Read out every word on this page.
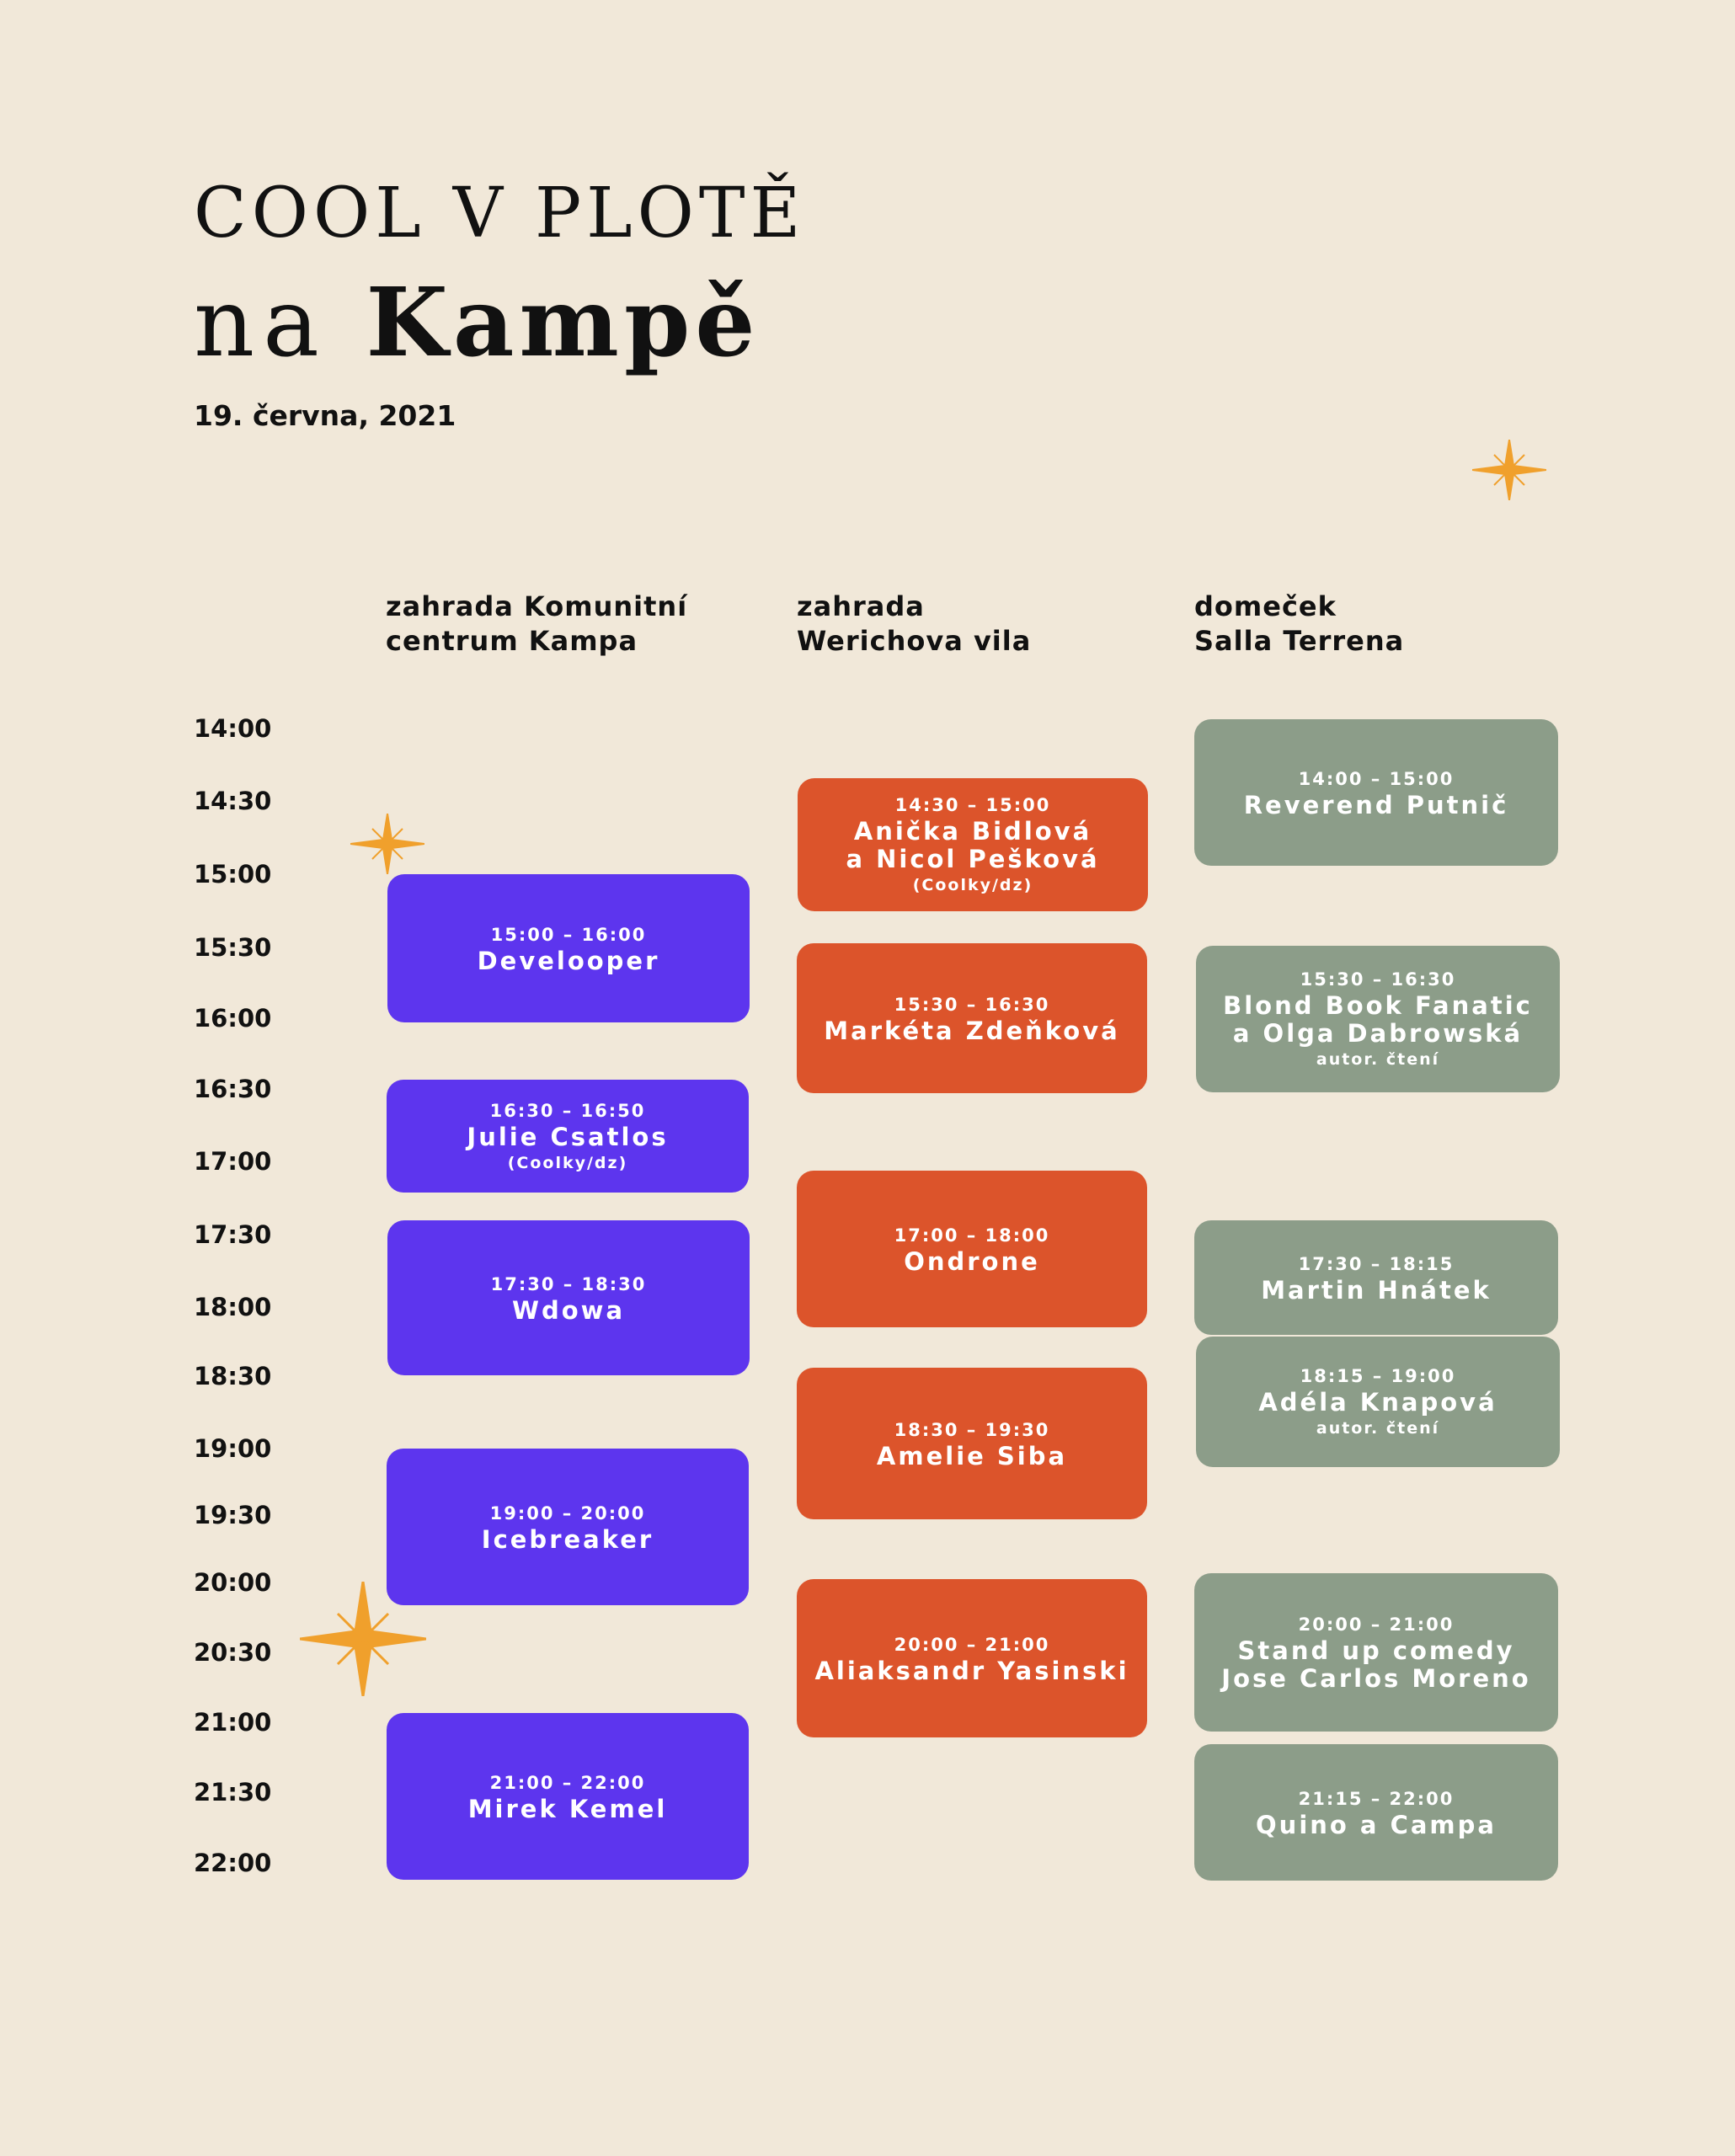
COOL V PLOTĚ
na Kampě
19. června, 2021
zahrada Komunitní
centrum Kampa
zahrada
Werichova vila
domeček
Salla Terrena
14:00
14:30
15:00
15:30
16:00
16:30
17:00
17:30
18:00
18:30
19:00
19:30
20:00
20:30
21:00
21:30
22:00
15:00 – 16:00
Develooper
16:30 – 16:50
Julie Csatlos
(Coolky/dz)
17:30 – 18:30
Wdowa
19:00 – 20:00
Icebreaker
21:00 – 22:00
Mirek Kemel
14:30 – 15:00
Anička Bidlová
a Nicol Pešková
(Coolky/dz)
15:30 – 16:30
Markéta Zdeňková
17:00 – 18:00
Ondrone
18:30 – 19:30
Amelie Siba
20:00 – 21:00
Aliaksandr Yasinski
14:00 – 15:00
Reverend Putnič
15:30 – 16:30
Blond Book Fanatic
a Olga Dabrowská
autor. čtení
17:30 – 18:15
Martin Hnátek
18:15 – 19:00
Adéla Knapová
autor. čtení
20:00 – 21:00
Stand up comedy
Jose Carlos Moreno
21:15 – 22:00
Quino a Campa
